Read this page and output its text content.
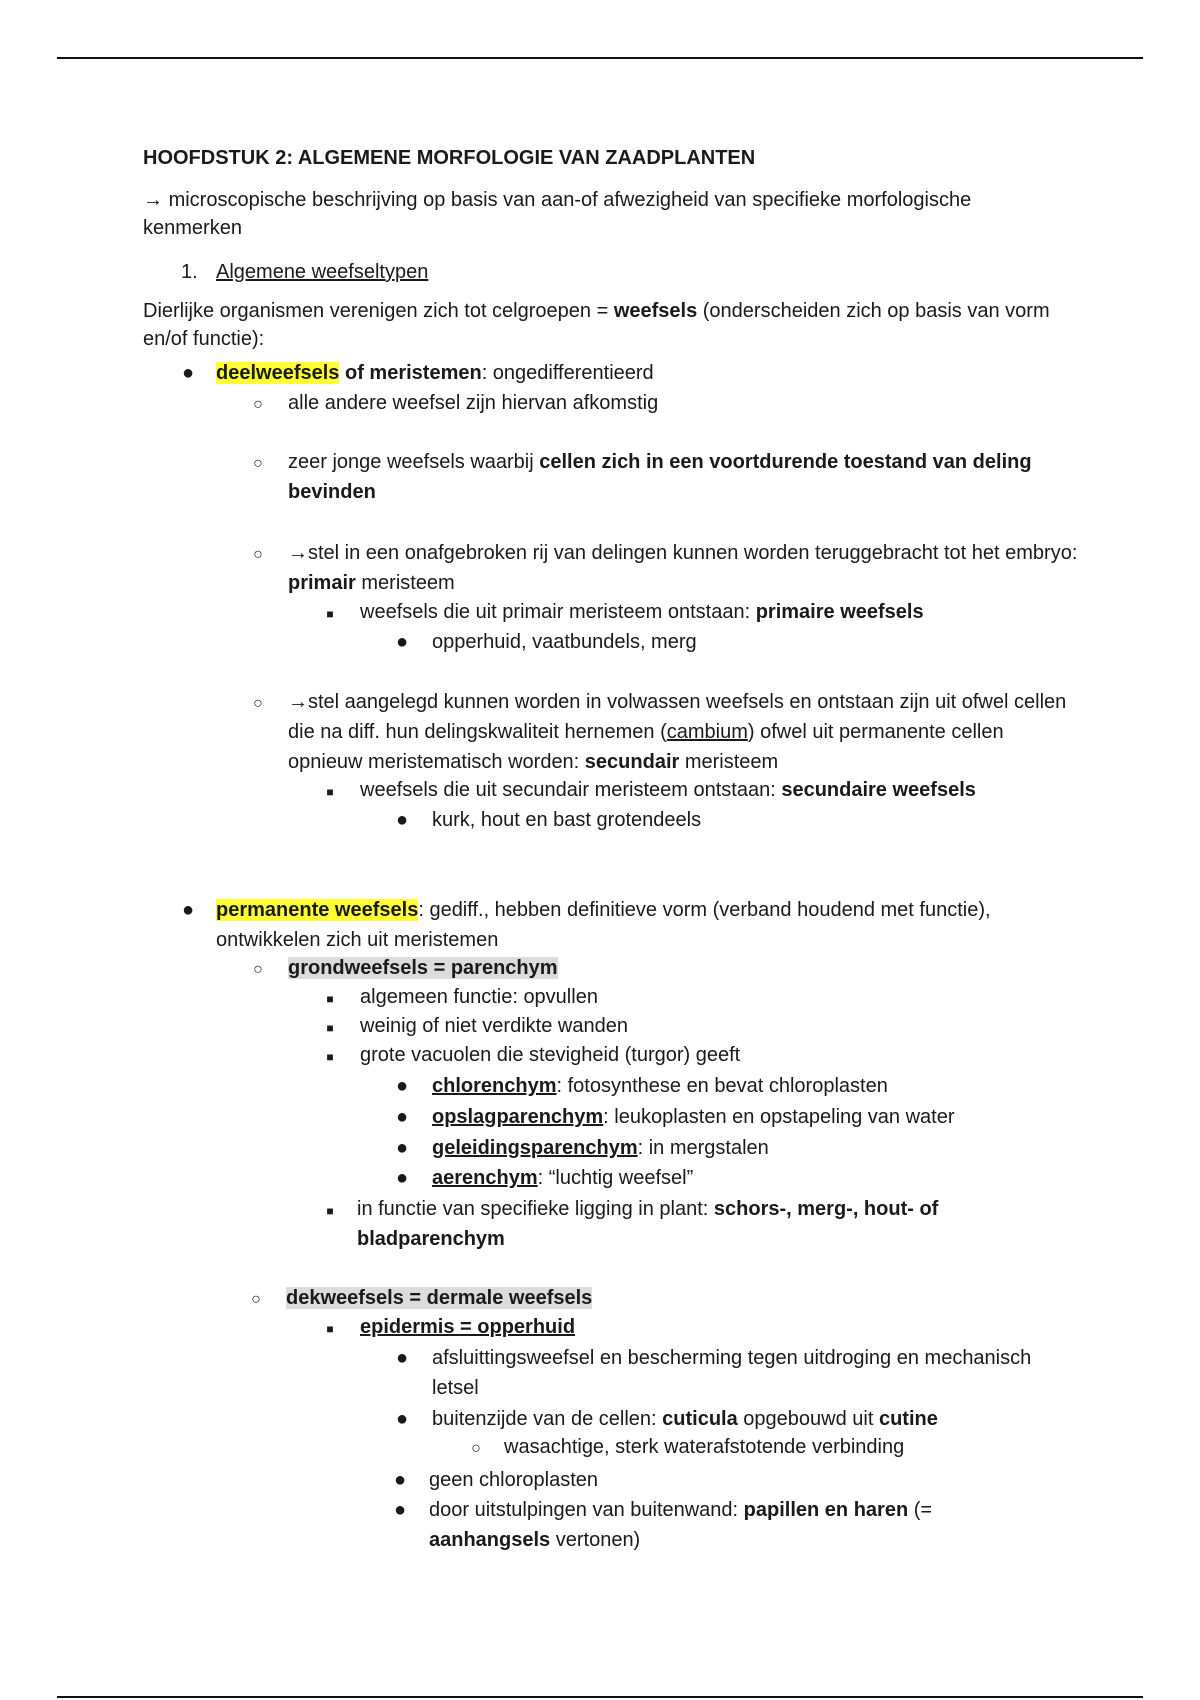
HOOFDSTUK 2: ALGEMENE MORFOLOGIE VAN ZAADPLANTEN
→ microscopische beschrijving op basis van aan-of afwezigheid van specifieke morfologische kenmerken
1. Algemene weefseltypen
Dierlijke organismen verenigen zich tot celgroepen = weefsels (onderscheiden zich op basis van vorm en/of functie):
● deelweefsels of meristemen: ongedifferentieerd
○	alle andere weefsel zijn hiervan afkomstig
○	zeer jonge weefsels waarbij cellen zich in een voortdurende toestand van deling bevinden
○	→stel in een onafgebroken rij van delingen kunnen worden teruggebracht tot het embryo: primair meristeem
■	weefsels die uit primair meristeem ontstaan: primaire weefsels
● opperhuid, vaatbundels, merg
○	→stel aangelegd kunnen worden in volwassen weefsels en ontstaan zijn uit ofwel cellen die na diff. hun delingskwaliteit hernemen (cambium) ofwel uit permanente cellen opnieuw meristematisch worden: secundair meristeem
■	weefsels die uit secundair meristeem ontstaan: secundaire weefsels
● kurk, hout en bast grotendeels
● permanente weefsels: gediff., hebben definitieve vorm (verband houdend met functie), ontwikkelen zich uit meristemen
○	grondweefsels = parenchym
■	algemeen functie: opvullen
■	weinig of niet verdikte wanden
■	grote vacuolen die stevigheid (turgor) geeft
● chlorenchym: fotosynthese en bevat chloroplasten
● opslagparenchym: leukoplasten en opstapeling van water
● geleidingsparenchym: in mergstalen
● aerenchym: “luchtig weefsel”
■	in functie van specifieke ligging in plant: schors-, merg-, hout- of bladparenchym
○	dekweefsels = dermale weefsels
■	epidermis = opperhuid
● afsluittingsweefsel en bescherming tegen uitdroging en mechanisch letsel
● buitenzijde van de cellen: cuticula opgebouwd uit cutine
○	wasachtige, sterk waterafstotende verbinding
● geen chloroplasten
● door uitstulpingen van buitenwand: papillen en haren (= aanhangsels vertonen)
